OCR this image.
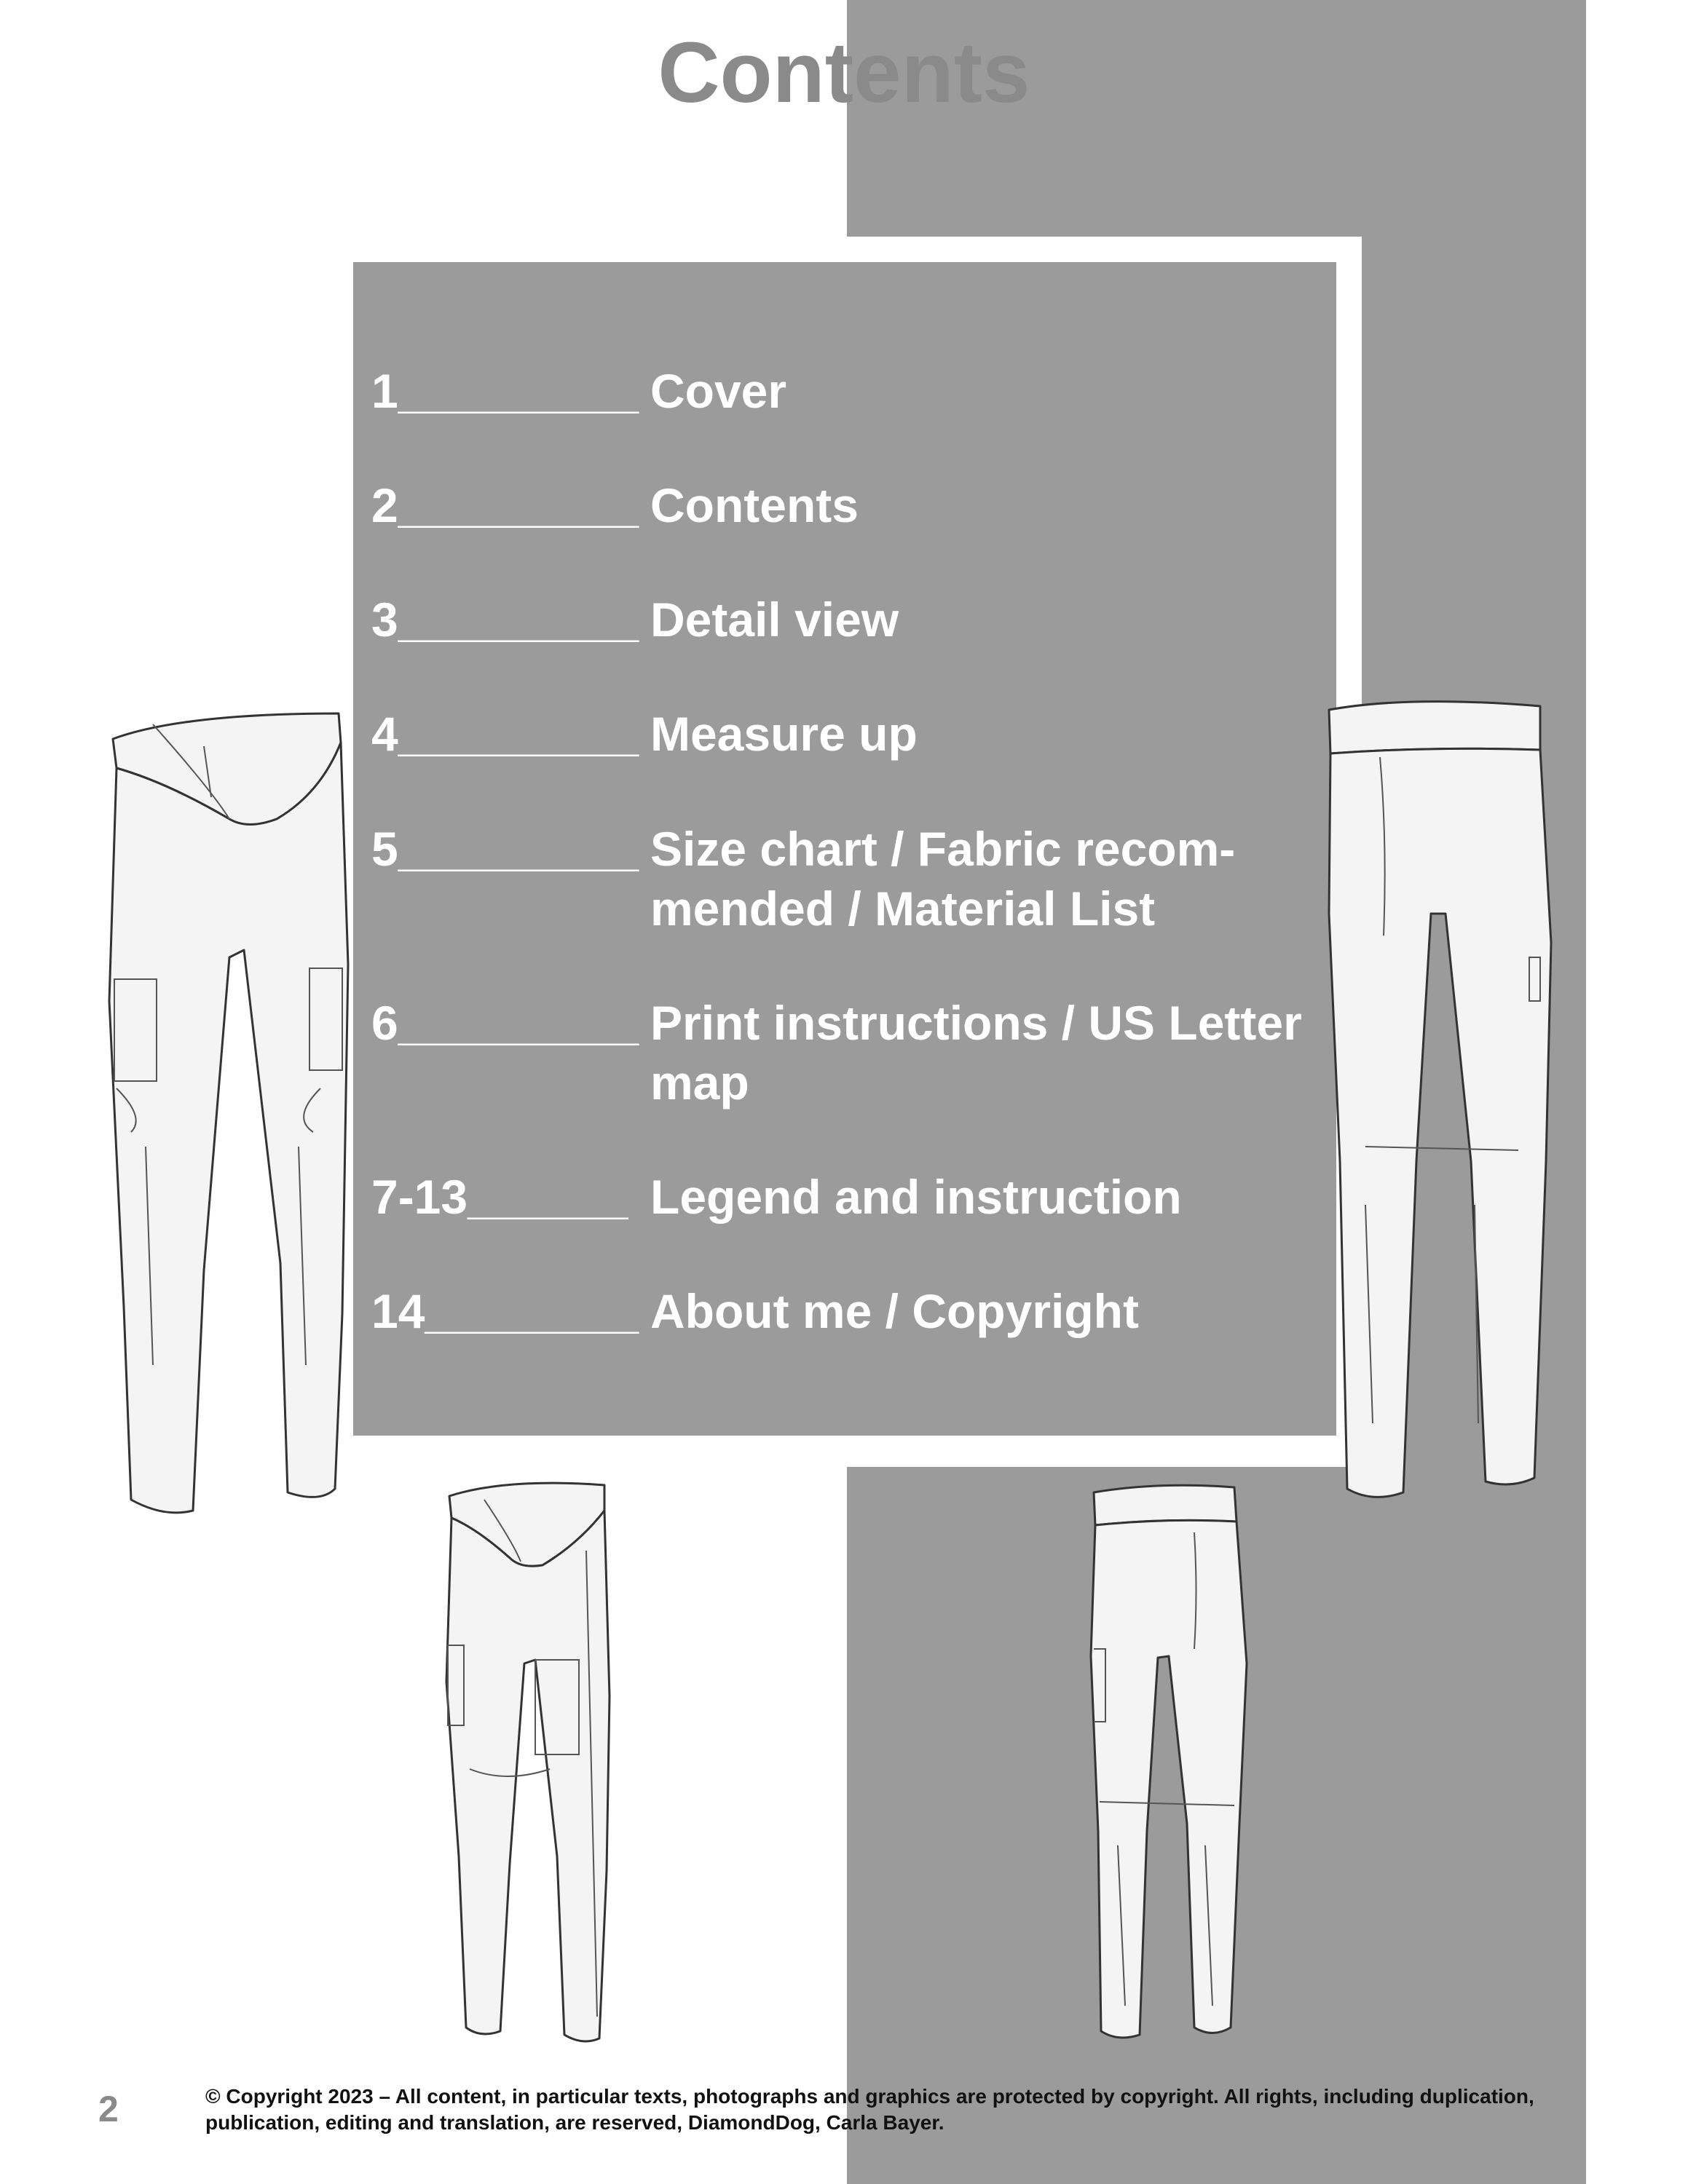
Contents
1_________ Cover
2_________ Contents
3_________ Detail view
4_________ Measure up
5_________ Size chart / Fabric recom-
mended / Material List
6_________ Print instructions / US Letter map
7-13______ Legend and instruction
14________ About me / Copyright
2	© Copyright 2023 – All content, in particular texts, photographs and graphics are protected by copyright. All rights, including duplication, publication, editing and translation, are reserved, DiamondDog, Carla Bayer.
